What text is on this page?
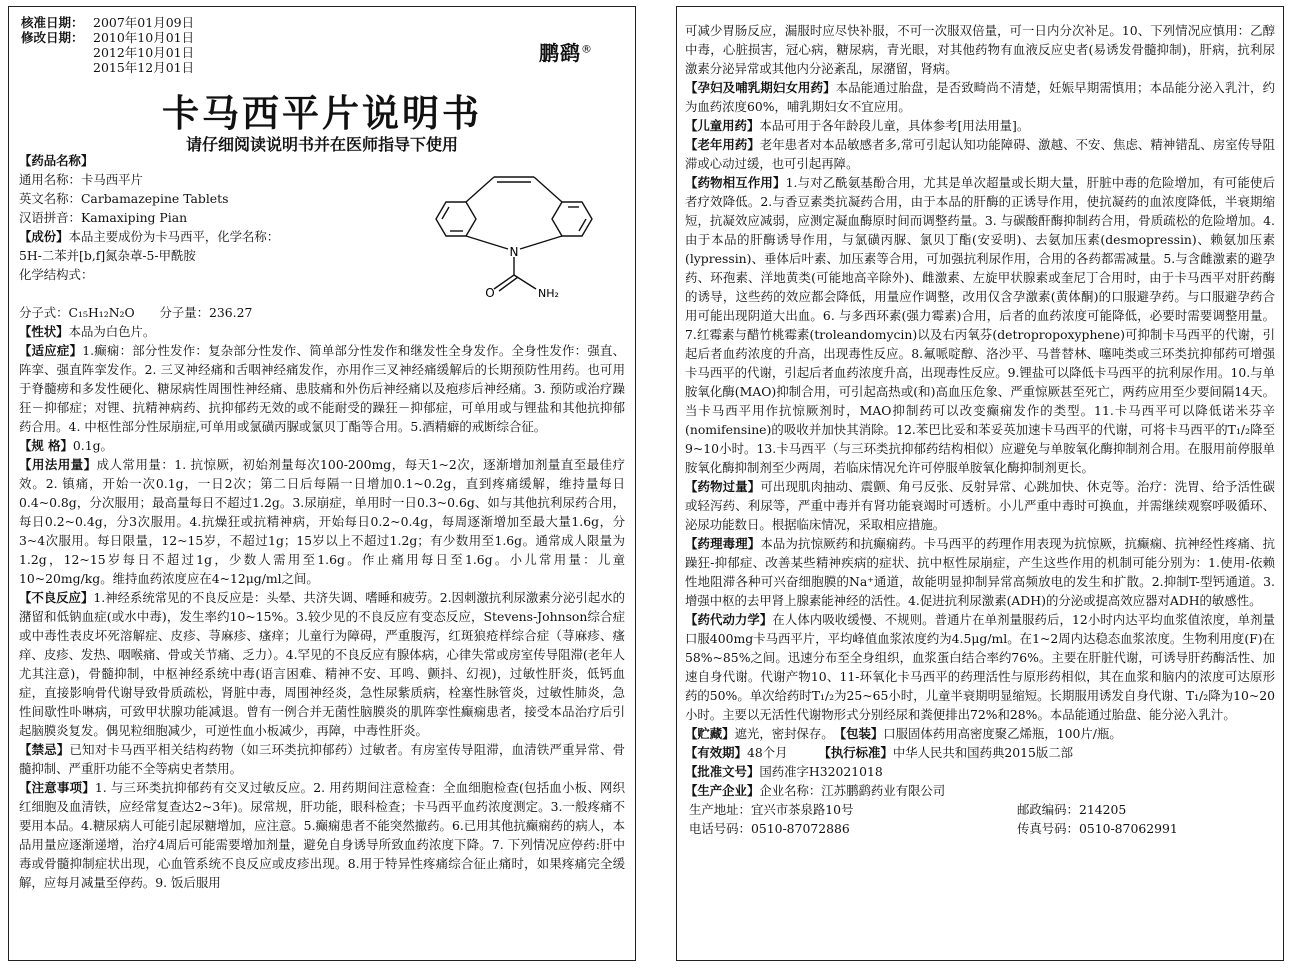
核准日期： 2007年01月09日
修改日期： 2010年10月01日
2012年10月01日
2015年12月01日
鹏鹞®
卡马西平片说明书
请仔细阅读说明书并在医师指导下使用
N
O	NH₂

【药品名称】

通用名称：卡马西平片

英文名称：Carbamazepine Tablets

汉语拼音：Kamaxiping Pian

【成份】本品主要成份为卡马西平，化学名称：

5H-二苯并[b,f]氮杂䓬-5-甲酰胺

化学结构式：

分子式：C₁₅H₁₂N₂O　　分子量：236.27

【性状】本品为白色片。

【适应症】1.癫痫：部分性发作：复杂部分性发作、简单部分性发作和继发性全身发作。全身性发作：强直、阵挛、强直阵挛发作。2. 三叉神经痛和舌咽神经痛发作，亦用作三叉神经痛缓解后的长期预防性用药。也可用于脊髓痨和多发性硬化、糖尿病性周围性神经痛、患肢痛和外伤后神经痛以及疱疹后神经痛。3. 预防或治疗躁狂－抑郁症；对锂、抗精神病药、抗抑郁药无效的或不能耐受的躁狂－抑郁症，可单用或与锂盐和其他抗抑郁药合用。4. 中枢性部分性尿崩症,可单用或氯磺丙脲或氯贝丁酯等合用。5.酒精癖的戒断综合征。

【规 格】0.1g。

【用法用量】成人常用量：1. 抗惊厥，初始剂量每次100-200mg，每天1~2次，逐渐增加剂量直至最佳疗效。2. 镇痛，开始一次0.1g，一日2次；第二日后每隔一日增加0.1~0.2g，直到疼痛缓解，维持量每日0.4~0.8g，分次服用；最高量每日不超过1.2g。3.尿崩症，单用时一日0.3~0.6g、如与其他抗利尿药合用，每日0.2~0.4g，分3次服用。4.抗燥狂或抗精神病，开始每日0.2~0.4g，每周逐渐增加至最大量1.6g，分3~4次服用。每日限量，12~15岁，不超过1g；15岁以上不超过1.2g；有少数用至1.6g。通常成人限量为1.2g，12~15岁每日不超过1g，少数人需用至1.6g。作止痛用每日至1.6g。小儿常用量：儿童10~20mg/kg。维持血药浓度应在4~12μg/ml之间。

【不良反应】1.神经系统常见的不良反应是：头晕、共济失调、嗜睡和疲劳。2.因刺激抗利尿激素分泌引起水的潴留和低钠血症(或水中毒)，发生率约10~15%。3.较少见的不良反应有变态反应，Stevens-Johnson综合症或中毒性表皮坏死溶解症、皮疹、荨麻疹、瘙痒；儿童行为障碍，严重腹泻，红斑狼疮样综合症（荨麻疹、瘙痒、皮疹、发热、咽喉痛、骨或关节痛、乏力）。4.罕见的不良反应有腺体病，心律失常或房室传导阻滞(老年人尤其注意)，骨髓抑制，中枢神经系统中毒(语言困难、精神不安、耳鸣、颤抖、幻视)，过敏性肝炎，低钙血症，直接影响骨代谢导致骨质疏松，肾脏中毒，周围神经炎，急性尿紫质病，栓塞性脉管炎，过敏性肺炎，急性间歇性卟啉病，可致甲状腺功能减退。曾有一例合并无菌性脑膜炎的肌阵挛性癫痫患者，接受本品治疗后引起脑膜炎复发。偶见粒细胞减少，可逆性血小板减少，再障，中毒性肝炎。

【禁忌】已知对卡马西平相关结构药物（如三环类抗抑郁药）过敏者。有房室传导阻滞，血清铁严重异常、骨髓抑制、严重肝功能不全等病史者禁用。

【注意事项】1. 与三环类抗抑郁药有交叉过敏反应。2. 用药期间注意检查：全血细胞检查(包括血小板、网织红细胞及血清铁，应经常复查达2~3年)。尿常规，肝功能，眼科检查；卡马西平血药浓度测定。3.一般疼痛不要用本品。4.糖尿病人可能引起尿糖增加，应注意。5.癫痫患者不能突然撤药。6.已用其他抗癫痫药的病人，本品用量应逐渐递增，治疗4周后可能需要增加剂量，避免自身诱导所致血药浓度下降。7. 下列情况应停药:肝中毒或骨髓抑制症状出现，心血管系统不良反应或皮疹出现。8.用于特异性疼痛综合征止痛时，如果疼痛完全缓解，应每月减量至停药。9. 饭后服用

可减少胃肠反应，漏服时应尽快补服，不可一次服双倍量，可一日内分次补足。10、下列情况应慎用：乙醇中毒，心脏损害，冠心病，糖尿病，青光眼，对其他药物有血液反应史者(易诱发骨髓抑制)，肝病，抗利尿激素分泌异常或其他内分泌紊乱，尿潴留，肾病。

【孕妇及哺乳期妇女用药】本品能通过胎盘，是否致畸尚不清楚，妊娠早期需慎用；本品能分泌入乳汁，约为血药浓度60%，哺乳期妇女不宜应用。

【儿童用药】本品可用于各年龄段儿童，具体参考[用法用量]。

【老年用药】老年患者对本品敏感者多,常可引起认知功能障碍、激越、不安、焦虑、精神错乱、房室传导阻滞或心动过缓，也可引起再障。

【药物相互作用】1.与对乙酰氨基酚合用，尤其是单次超量或长期大量，肝脏中毒的危险增加，有可能使后者疗效降低。2.与香豆素类抗凝药合用，由于本品的肝酶的正诱导作用，使抗凝药的血浓度降低，半衰期缩短，抗凝效应减弱，应测定凝血酶原时间而调整药量。3. 与碳酸酐酶抑制药合用，骨质疏松的危险增加。4.由于本品的肝酶诱导作用，与氯磺丙脲、氯贝丁酯(安妥明)、去氨加压素(desmopressin)、赖氨加压素(lypressin)、垂体后叶素、加压素等合用，可加强抗利尿作用，合用的各药都需减量。5.与含雌激素的避孕药、环孢素、洋地黄类(可能地高辛除外)、雌激素、左旋甲状腺素或奎尼丁合用时，由于卡马西平对肝药酶的诱导，这些药的效应都会降低，用量应作调整，改用仅含孕激素(黄体酮)的口服避孕药。与口服避孕药合用可能出现阴道大出血。6. 与多西环素(强力霉素)合用，后者的血药浓度可能降低，必要时需要调整用量。7.红霉素与醋竹桃霉素(troleandomycin)以及右丙氧芬(detropropoxyphene)可抑制卡马西平的代谢，引起后者血药浓度的升高，出现毒性反应。8.氟哌啶醇、洛沙平、马普替林、噻吨类或三环类抗抑郁药可增强卡马西平的代谢，引起后者血药浓度升高，出现毒性反应。9.锂盐可以降低卡马西平的抗利尿作用。10.与单胺氧化酶(MAO)抑制合用，可引起高热或(和)高血压危象、严重惊厥甚至死亡，两药应用至少要间隔14天。当卡马西平用作抗惊厥剂时，MAO抑制药可以改变癫痫发作的类型。11.卡马西平可以降低诺米芬辛(nomifensine)的吸收并加快其消除。12.苯巴比妥和苯妥英加速卡马西平的代谢，可将卡马西平的T₁/₂降至9~10小时。13.卡马西平（与三环类抗抑郁药结构相似）应避免与单胺氧化酶抑制剂合用。在服用前停服单胺氧化酶抑制剂至少两周，若临床情况允许可停服单胺氧化酶抑制剂更长。

【药物过量】可出现肌肉抽动、震颤、角弓反张、反射异常、心跳加快、休克等。治疗：洗胃、给予活性碳或轻泻药、利尿等，严重中毒并有肾功能衰竭时可透析。小儿严重中毒时可换血，并需继续观察呼吸循环、泌尿功能数日。根据临床情况，采取相应措施。

【药理毒理】本品为抗惊厥药和抗癫痫药。卡马西平的药理作用表现为抗惊厥，抗癫痫、抗神经性疼痛、抗躁狂-抑郁症、改善某些精神疾病的症状、抗中枢性尿崩症，产生这些作用的机制可能分别为：1.使用-依赖性地阻滞各种可兴奋细胞膜的Na⁺通道，故能明显抑制异常高频放电的发生和扩散。2.抑制T-型钙通道。3.增强中枢的去甲肾上腺素能神经的活性。4.促进抗利尿激素(ADH)的分泌或提高效应器对ADH的敏感性。

【药代动力学】在人体内吸收缓慢、不规则。普通片在单剂量服药后，12小时内达平均血浆值浓度，单剂量口服400mg卡马西平片，平均峰值血浆浓度约为4.5μg/ml。在1~2周内达稳态血浆浓度。生物利用度(F)在58%~85%之间。迅速分布至全身组织，血浆蛋白结合率约76%。主要在肝脏代谢，可诱导肝药酶活性、加速自身代谢。代谢产物10、11-环氧化卡马西平的药理活性与原形药相似，其在血浆和脑内的浓度可达原形药的50%。单次给药时T₁/₂为25~65小时，儿童半衰期明显缩短。长期服用诱发自身代谢、T₁/₂降为10~20小时。主要以无活性代谢物形式分别经尿和粪便排出72%和28%。本品能通过胎盘、能分泌入乳汁。

【贮藏】遮光，密封保存。　 【包装】口服固体药用高密度聚乙烯瓶，100片/瓶。

【有效期】48个月　　　	【执行标准】中华人民共和国药典2015版二部

【批准文号】国药准字H32021018

【生产企业】企业名称：江苏鹏鹞药业有限公司

生产地址：宜兴市茶泉路10号	邮政编码：214205
电话号码：0510-87072886	传真号码：0510-87062991
